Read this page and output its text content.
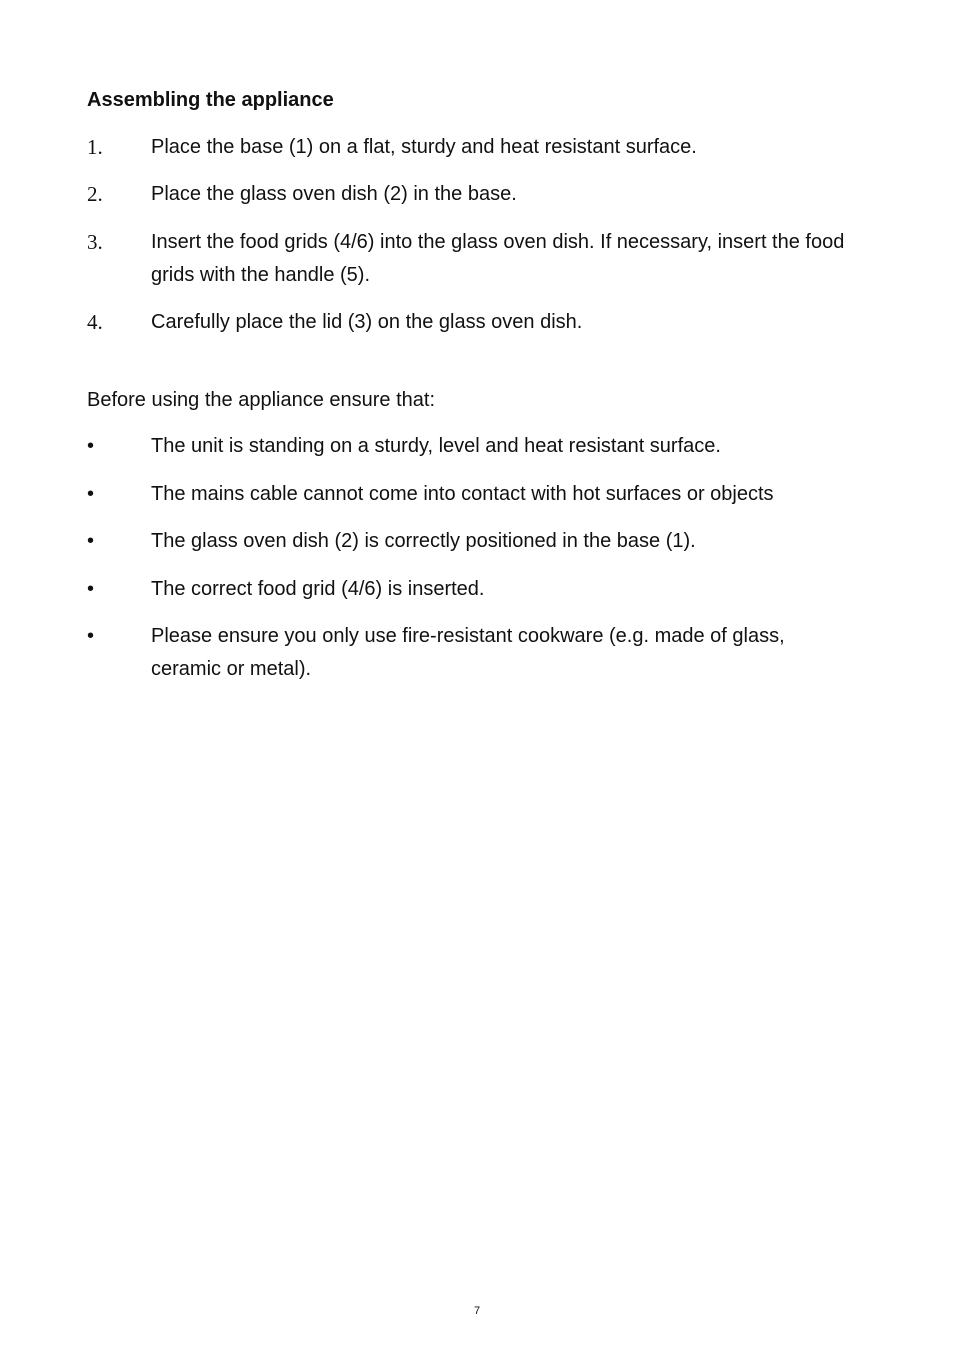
Assembling the appliance
1.	Place the base (1) on a flat, sturdy and heat resistant surface.
2.	Place the glass oven dish (2) in the base.
3.	Insert the food grids (4/6) into the glass oven dish. If necessary, insert the food grids with the handle (5).
4.	Carefully place the lid (3) on the glass oven dish.
Before using the appliance ensure that:
•	The unit is standing on a sturdy, level and heat resistant surface.
•	The mains cable cannot come into contact with hot surfaces or objects
•	The glass oven dish (2) is correctly positioned in the base (1).
•	The correct food grid (4/6) is inserted.
•	Please ensure you only use fire-resistant cookware (e.g. made of glass, ceramic or metal).
7
